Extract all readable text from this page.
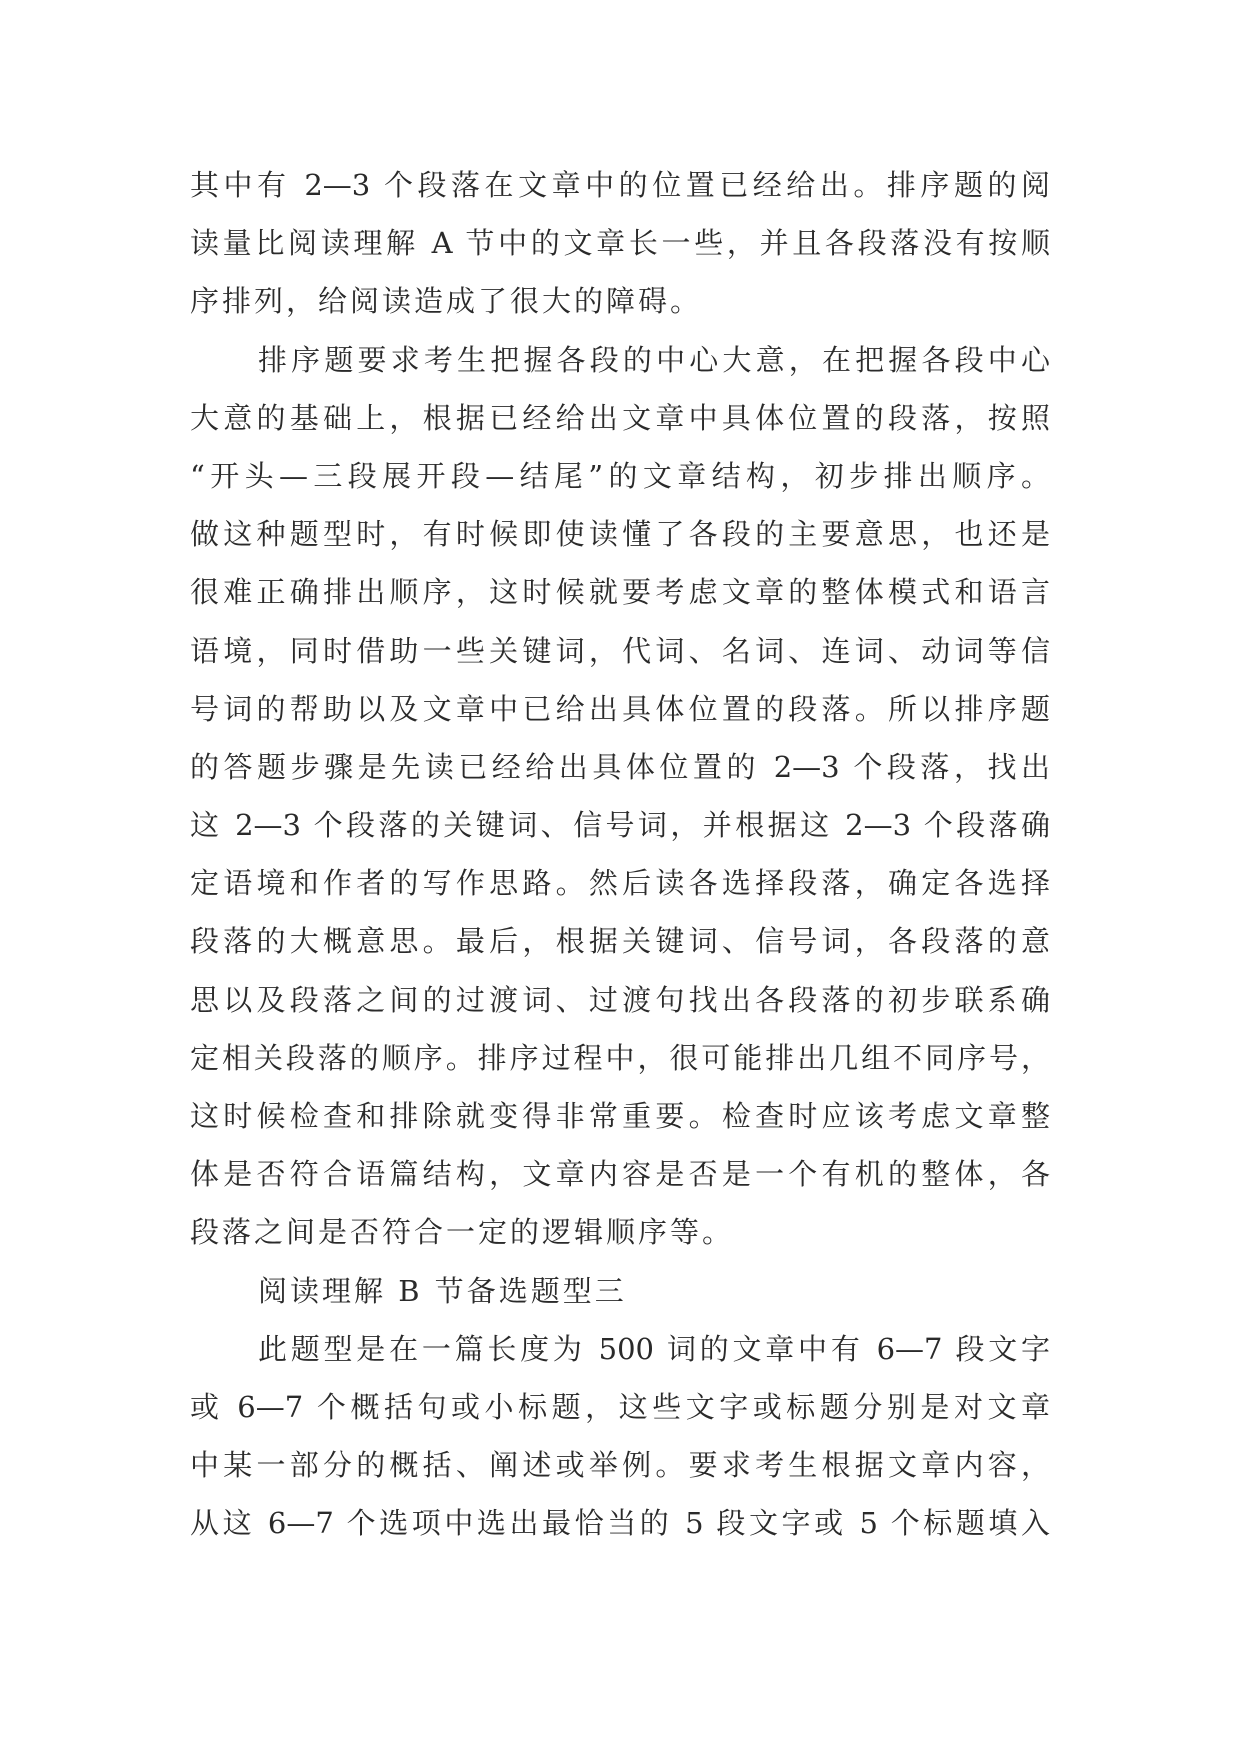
其中有 2—3 个段落在文章中的位置已经给出。排序题的阅
读量比阅读理解 A 节中的文章长一些，并且各段落没有按顺
序排列，给阅读造成了很大的障碍。
排序题要求考生把握各段的中心大意，在把握各段中心
大意的基础上，根据已经给出文章中具体位置的段落，按照
“开头—三段展开段—结尾”的文章结构，初步排出顺序。
做这种题型时，有时候即使读懂了各段的主要意思，也还是
很难正确排出顺序，这时候就要考虑文章的整体模式和语言
语境，同时借助一些关键词，代词、名词、连词、动词等信
号词的帮助以及文章中已给出具体位置的段落。所以排序题
的答题步骤是先读已经给出具体位置的 2—3 个段落，找出
这 2—3 个段落的关键词、信号词，并根据这 2—3 个段落确
定语境和作者的写作思路。然后读各选择段落，确定各选择
段落的大概意思。最后，根据关键词、信号词，各段落的意
思以及段落之间的过渡词、过渡句找出各段落的初步联系确
定相关段落的顺序。排序过程中，很可能排出几组不同序号，
这时候检查和排除就变得非常重要。检查时应该考虑文章整
体是否符合语篇结构，文章内容是否是一个有机的整体，各
段落之间是否符合一定的逻辑顺序等。
阅读理解 B 节备选题型三
此题型是在一篇长度为 500 词的文章中有 6—7 段文字
或 6—7 个概括句或小标题，这些文字或标题分别是对文章
中某一部分的概括、阐述或举例。要求考生根据文章内容，
从这 6—7 个选项中选出最恰当的 5 段文字或 5 个标题填入
